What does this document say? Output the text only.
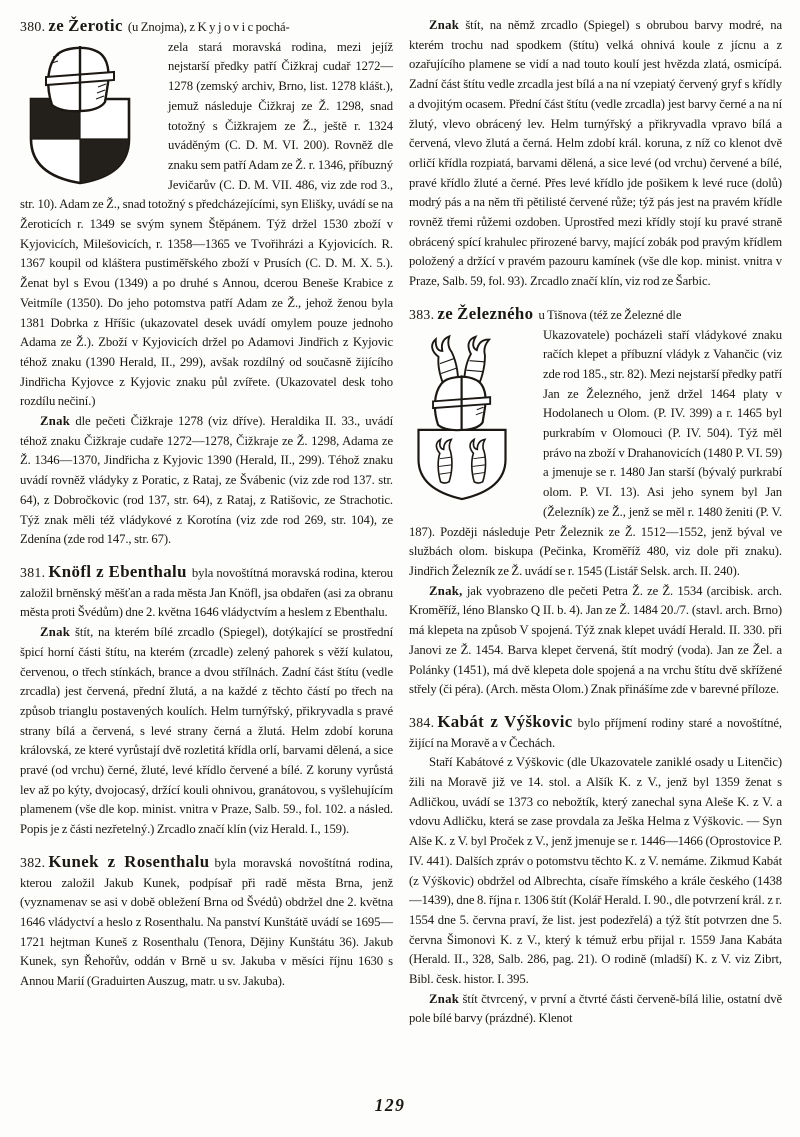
380. ze Žerotic (u Znojma), z K y j o v i c pochá-

zela stará moravská rodina, mezi jejíž nejstarší předky patří Čižkraj cudař 1272—1278 (zemský archiv, Brno, list. 1278 klášt.), jemuž následuje Čižkraj ze Ž. 1298, snad totožný s Čižkrajem ze Ž., ještě r. 1324 uváděným (C. D. M. VI. 200). Rovněž dle znaku sem patří Adam ze Ž. r. 1346, příbuzný Jevičarův (C. D. M. VII. 486, viz zde rod 3., str. 10). Adam ze Ž., snad totožný s předcházejícími, syn Elišky, uvádí se na Žeroticích r. 1349 se svým synem Štěpánem. Týž držel 1530 zboží v Kyjovicích, Milešovicích, r. 1358—1365 ve Tvořihrázi a Kyjovicích. R. 1367 koupil od kláštera pustiměřského zboží v Prusích (C. D. M. X. 5.). Ženat byl s Evou (1349) a po druhé s Annou, dcerou Beneše Krabice z Veitmíle (1350). Do jeho potomstva patří Adam ze Ž., jehož ženou byla 1381 Dobrka z Hříšic (ukazovatel desek uvádí omylem pouze jednoho Adama ze Ž.). Zboží v Kyjovicích držel po Adamovi Jindřich z Kyjovic téhož znaku (1390 Herald, II., 299), avšak rozdílný od současně žijícího Jindřicha Kyjovce z Kyjovic znaku půl zvířete. (Ukazovatel desk toho rozdílu nečiní.)

Znak dle pečeti Čižkraje 1278 (viz dříve). Heraldika II. 33., uvádí téhož znaku Čižkraje cudaře 1272—1278, Čižkraje ze Ž. 1298, Adama ze Ž. 1346—1370, Jindřicha z Kyjovic 1390 (Herald, II., 299). Téhož znaku uvádí rovněž vládyky z Poratic, z Rataj, ze Švábenic (viz zde rod 137. str. 64), z Dobročkovic (rod 137, str. 64), z Rataj, z Ratišovic, ze Strachotic. Týž znak měli též vládykové z Korotína (viz zde rod 269, str. 104), ze Zdenína (zde rod 147., str. 67).

381. Knöfl z Ebenthalu byla novoštítná moravská rodina, kterou založil brněnský měšťan a rada města Jan Knöfl, jsa obdařen (asi za obranu města proti Švédům) dne 2. května 1646 vládyctvím a heslem z Ebenthalu.

Znak štít, na kterém bílé zrcadlo (Spiegel), dotýkající se prostřední špicí horní části štítu, na kterém (zrcadle) zelený pahorek s věží kulatou, červenou, o třech stínkách, brance a dvou střílnách. Zadní část štítu (vedle zrcadla) jest červená, přední žlutá, a na každé z těchto částí po třech na způsob trianglu postavených koulích. Helm turnýřský, přikryvadla s pravé strany bílá a červená, s levé strany černá a žlutá. Helm zdobí koruna královská, ze které vyrůstají dvě rozletitá křídla orlí, barvami dělená, a sice pravé (od vrchu) černé, žluté, levé křídlo červené a bílé. Z koruny vyrůstá lev až po kýty, dvojocasý, držící kouli ohnivou, granátovou, s vyšlehujícím plamenem (vše dle kop. minist. vnitra v Praze, Salb. 59., fol. 102. a násled. Popis je z části nezřetelný.) Zrcadlo značí klín (viz Herald. I., 159).

382. Kunek z Rosenthalu byla moravská novoštítná rodina, kterou založil Jakub Kunek, podpísař při radě města Brna, jenž (vyznamenav se asi v době obležení Brna od Švédů) obdržel dne 2. května 1646 vládyctví a heslo z Rosenthalu. Na panství Kunštátě uvádí se 1695—1721 hejtman Kuneš z Rosenthalu (Tenora, Dějiny Kunštátu 36). Jakub Kunek, syn Řehořův, oddán v Brně u sv. Jakuba v měsíci říjnu 1630 s Annou Marií (Graduirten Auszug, matr. u sv. Jakuba).

Znak štít, na němž zrcadlo (Spiegel) s obrubou barvy modré, na kterém trochu nad spodkem (štítu) velká ohnivá koule z jícnu a z ozařujícího plamene se vidí a nad touto koulí jest hvězda zlatá, osmicípá. Zadní část štítu vedle zrcadla jest bílá a na ní vzepiatý červený gryf s křídly a dvojitým ocasem. Přední část štítu (vedle zrcadla) jest barvy černé a na ní žlutý, vlevo obrácený lev. Helm turnýřský a přikryvadla vpravo bílá a červená, vlevo žlutá a černá. Helm zdobí král. koruna, z níž co klenot dvě orličí křídla rozpiatá, barvami dělená, a sice levé (od vrchu) červené a bílé, pravé křídlo žluté a černé. Přes levé křídlo jde pošikem k levé ruce (dolů) modrý pás a na něm tři pětilisté červené růže; týž pás jest na pravém křídle rovněž třemi růžemi ozdoben. Uprostřed mezi křídly stojí ku pravé straně obrácený spící krahulec přirozené barvy, mající zobák pod pravým křídlem položený a držící v pravém pazouru kamínek (vše dle kop. minist. vnitra v Praze, Salb. 59, fol. 93). Zrcadlo značí klín, viz rod ze Šarbic.

383. ze Železného u Tišnova (též ze Železné dle

Ukazovatele) pocházeli staří vládykové znaku račích klepet a příbuzní vládyk z Vahančic (viz zde rod 185., str. 82). Mezi nejstarší předky patří Jan ze Železného, jenž držel 1464 platy v Hodolanech u Olom. (P. IV. 399) a r. 1465 byl purkrabím v Olomouci (P. IV. 504). Týž měl právo na zboží v Drahanovicích (1480 P. VI. 59) a jmenuje se r. 1480 Jan starší (bývalý purkrabí olom. P. VI. 13). Asi jeho synem byl Jan (Železník) ze Ž., jenž se měl r. 1480 ženiti (P. V. 187). Později následuje Petr Železnik ze Ž. 1512—1552, jenž býval ve službách olom. biskupa (Pečinka, Kroměříž 480, viz dole při znaku). Jindřich Železník ze Ž. uvádí se r. 1545 (Listář Selsk. arch. II. 240).

Znak, jak vyobrazeno dle pečeti Petra Ž. ze Ž. 1534 (arcibisk. arch. Kroměříž, léno Blansko Q II. b. 4). Jan ze Ž. 1484 20./7. (stavl. arch. Brno) má klepeta na způsob V spojená. Týž znak klepet uvádí Herald. II. 330. při Janovi ze Ž. 1454. Barva klepet červená, štít modrý (voda). Jan ze Žel. a Polánky (1451), má dvě klepeta dole spojená a na vrchu štítu dvě skřížené střely (či péra). (Arch. města Olom.) Znak přinášíme zde v barevné příloze.

384. Kabát z Výškovic bylo příjmení rodiny staré a novoštítné, žijící na Moravě a v Čechách.

Staří Kabátové z Výškovic (dle Ukazovatele zaniklé osady u Litenčic) žili na Moravě již ve 14. stol. a Alšík K. z V., jenž byl 1359 ženat s Adličkou, uvádí se 1373 co nebožtík, který zanechal syna Aleše K. z V. a vdovu Adličku, která se zase provdala za Ješka Helma z Výškovic. — Syn Alše K. z V. byl Proček z V., jenž jmenuje se r. 1446—1466 (Oprostovice P. IV. 441). Dalších zpráv o potomstvu těchto K. z V. nemáme. Zikmud Kabát (z Výškovic) obdržel od Albrechta, císaře římského a krále českého (1438—1439), dne 8. října r. 1306 štít (Kolář Herald. I. 90., dle potvrzení král. z r. 1554 dne 5. června praví, že list. jest podezřelá) a týž štít potvrzen dne 5. června Šimonovi K. z V., který k témuž erbu přijal r. 1559 Jana Kabáta (Herald. II., 328, Salb. 286, pag. 21). O rodině (mladší) K. z V. viz Zibrt, Bibl. česk. histor. I. 395.

Znak štít čtvrcený, v první a čtvrté části červeně-bílá lilie, ostatní dvě pole bílé barvy (prázdné). Klenot

129
